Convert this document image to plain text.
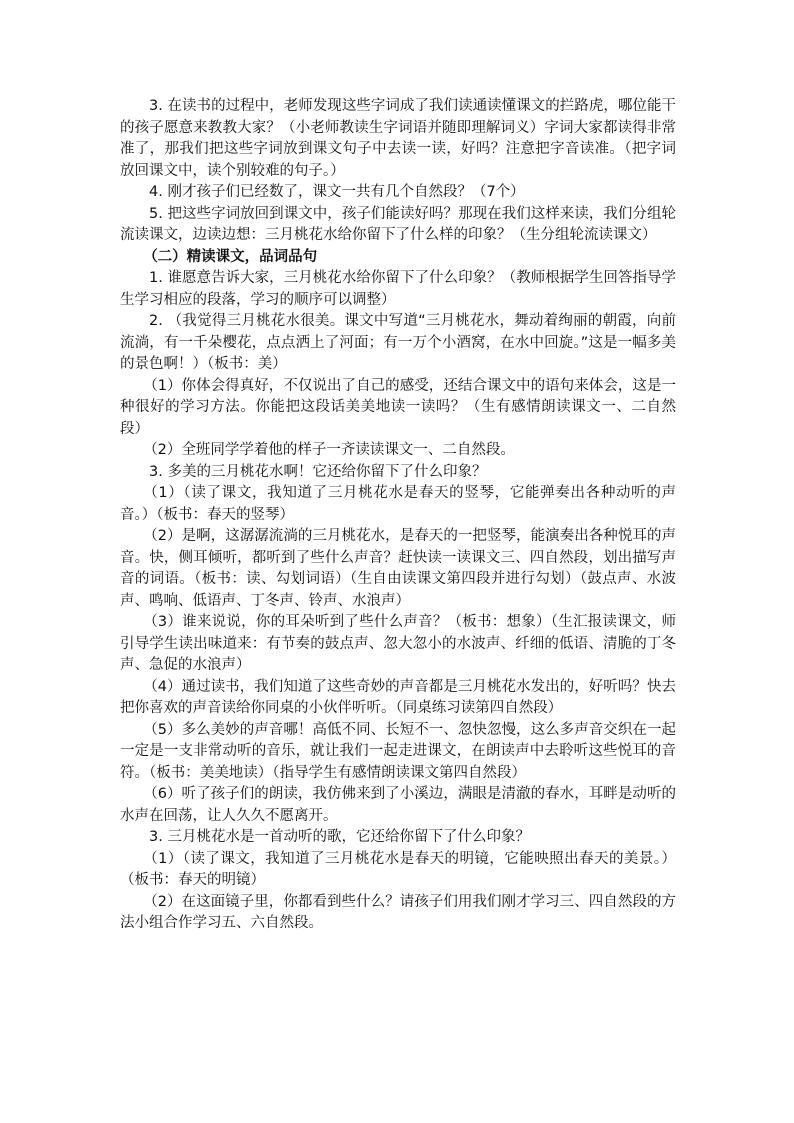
3. 在读书的过程中，老师发现这些字词成了我们读通读懂课文的拦路虎，哪位能干的孩子愿意来教教大家？（小老师教读生字词语并随即理解词义）字词大家都读得非常准了，那我们把这些字词放到课文句子中去读一读，好吗？注意把字音读准。（把字词放回课文中，读个别较难的句子。）

4. 刚才孩子们已经数了，课文一共有几个自然段？（7个）

5. 把这些字词放回到课文中，孩子们能读好吗？那现在我们这样来读，我们分组轮流读课文，边读边想：三月桃花水给你留下了什么样的印象？（生分组轮流读课文）

（二）精读课文，品词品句

1. 谁愿意告诉大家，三月桃花水给你留下了什么印象？（教师根据学生回答指导学生学习相应的段落，学习的顺序可以调整）

2. （我觉得三月桃花水很美。课文中写道“三月桃花水，舞动着绚丽的朝霞，向前流淌，有一千朵樱花，点点洒上了河面；有一万个小酒窝，在水中回旋。”这是一幅多美的景色啊！）（板书：美）

（1）你体会得真好，不仅说出了自己的感受，还结合课文中的语句来体会，这是一种很好的学习方法。你能把这段话美美地读一读吗？（生有感情朗读课文一、二自然段）

（2）全班同学学着他的样子一齐读读课文一、二自然段。

3. 多美的三月桃花水啊！它还给你留下了什么印象？

（1）（读了课文，我知道了三月桃花水是春天的竖琴，它能弹奏出各种动听的声音。）（板书：春天的竖琴）

（2）是啊，这潺潺流淌的三月桃花水，是春天的一把竖琴，能演奏出各种悦耳的声音。快，侧耳倾听，都听到了些什么声音？赶快读一读课文三、四自然段，划出描写声音的词语。（板书：读、勾划词语）（生自由读课文第四段并进行勾划）（鼓点声、水波声、鸣响、低语声、丁冬声、铃声、水浪声）

（3）谁来说说，你的耳朵听到了些什么声音？（板书：想象）（生汇报读课文，师引导学生读出味道来：有节奏的鼓点声、忽大忽小的水波声、纤细的低语、清脆的丁冬声、急促的水浪声）

（4）通过读书，我们知道了这些奇妙的声音都是三月桃花水发出的，好听吗？快去把你喜欢的声音读给你同桌的小伙伴听听。（同桌练习读第四自然段）

（5）多么美妙的声音哪！高低不同、长短不一、忽快忽慢，这么多声音交织在一起一定是一支非常动听的音乐，就让我们一起走进课文，在朗读声中去聆听这些悦耳的音符。（板书：美美地读）（指导学生有感情朗读课文第四自然段）

（6）听了孩子们的朗读，我仿佛来到了小溪边，满眼是清澈的春水，耳畔是动听的水声在回荡，让人久久不愿离开。

3. 三月桃花水是一首动听的歌，它还给你留下了什么印象？

（1）（读了课文，我知道了三月桃花水是春天的明镜，它能映照出春天的美景。）（板书：春天的明镜）

（2）在这面镜子里，你都看到些什么？请孩子们用我们刚才学习三、四自然段的方法小组合作学习五、六自然段。
